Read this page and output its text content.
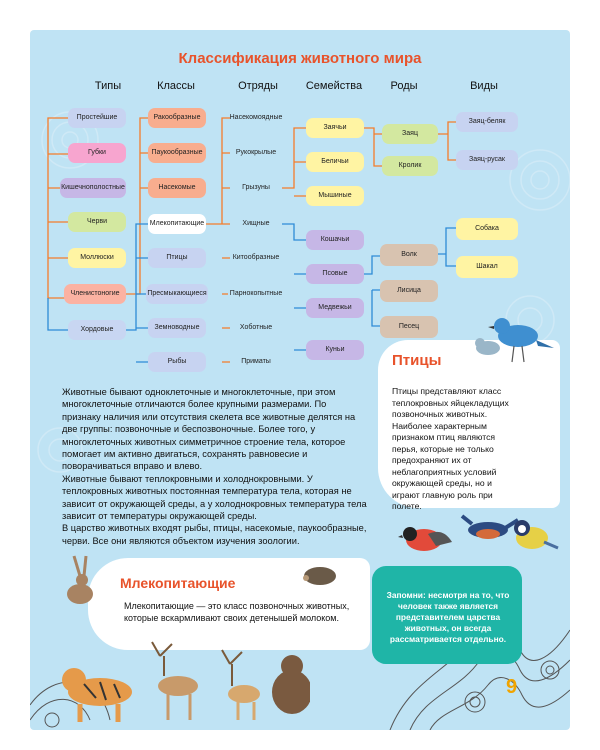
Классификация животного мира
Типы	Классы	Отряды	Семейства	Роды	Виды
Простейшие
Губки
Кишечнополостные
Черви
Моллюски
Членистоногие
Хордовые
Ракообразные
Паукообразные
Насекомые
Млекопитающие
Птицы
Пресмыкающиеся
Земноводные
Рыбы
Насекомоядные
Рукокрылые
Грызуны
Хищные
Китообразные
Парнокопытные
Хоботные
Приматы
Заячьи
Беличьи
Мышиные
Кошачьи
Псовые
Медвежьи
Куньи
Заяц
Кролик
Волк
Лисица
Песец
Заяц-беляк
Заяц-русак
Собака
Шакал

Животные бывают одноклеточные и многоклеточные, при этом многоклеточные отличаются более крупными размерами. По признаку наличия или отсутствия скелета все животные делятся на две группы: позвоночные и беспозвоночные. Более того, у многоклеточных животных симметричное строение тела, которое помогает им активно двигаться, сохранять равновесие и поворачиваться вправо и влево.

Животные бывают теплокровными и холоднокровными. У теплокровных животных постоянная температура тела, которая не зависит от окружающей среды, а у холоднокровных температура тела зависит от температуры окружающей среды.

В царство животных входят рыбы, птицы, насекомые, паукообразные, черви. Все они являются объектом изучения зоологии.

Птицы
Птицы представляют класс теплокровных яйцекладущих позвоночных животных. Наиболее характерным признаком птиц являются перья, которые не только предохраняют их от неблагоприятных условий окружающей среды, но и играют главную роль при полете.
Млекопитающие
Млекопитающие — это класс позвоночных животных, которые вскармливают своих детенышей молоком.
Запомни: несмотря на то, что человек также является представителем царства животных, он всегда рассматривается отдельно.
9
